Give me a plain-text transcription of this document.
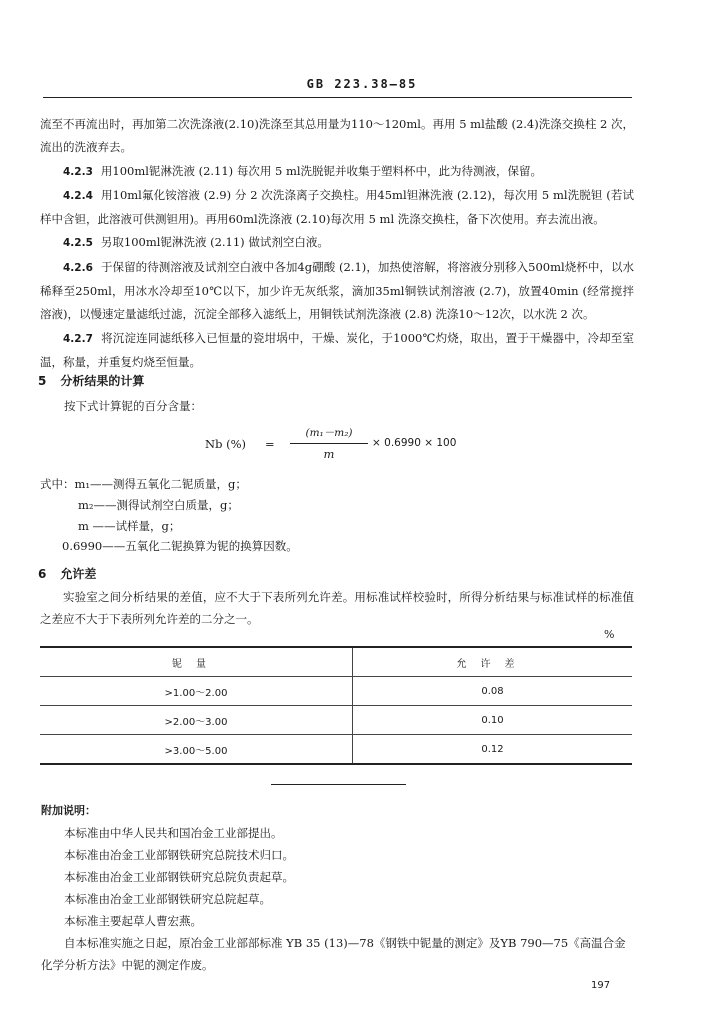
GB 223.38—85

流至不再流出时，再加第二次洗涤液(2.10)洗涤至其总用量为110～120ml。再用 5 ml盐酸 (2.4)洗涤交换柱 2 次，流出的洗液弃去。

4.2.3 用100ml铌淋洗液 (2.11) 每次用 5 ml洗脱铌并收集于塑料杯中，此为待测液，保留。

4.2.4 用10ml氟化铵溶液 (2.9) 分 2 次洗涤离子交换柱。用45ml钽淋洗液 (2.12)，每次用 5 ml洗脱钽 (若试样中含钽，此溶液可供测钽用)。再用60ml洗涤液 (2.10)每次用 5 ml 洗涤交换柱，备下次使用。弃去流出液。

4.2.5 另取100ml铌淋洗液 (2.11) 做试剂空白液。

4.2.6 于保留的待测溶液及试剂空白液中各加4g硼酸 (2.1)，加热使溶解，将溶液分别移入500ml烧杯中，以水稀释至250ml，用冰水冷却至10℃以下，加少许无灰纸浆，滴加35ml铜铁试剂溶液 (2.7)，放置40min (经常搅拌溶液)，以慢速定量滤纸过滤，沉淀全部移入滤纸上，用铜铁试剂洗涤液 (2.8) 洗涤10～12次，以水洗 2 次。

4.2.7 将沉淀连同滤纸移入已恒量的瓷坩埚中，干燥、炭化，于1000℃灼烧，取出，置于干燥器中，冷却至室温，称量，并重复灼烧至恒量。

5 分析结果的计算
按下式计算铌的百分含量：
Nb (%) =
(m₁－m₂)
m
× 0.6990 × 100
式中：m₁——测得五氧化二铌质量，g；
m₂——测得试剂空白质量，g；
m ——试样量，g；
0.6990——五氧化二铌换算为铌的换算因数。
6 允许差

实验室之间分析结果的差值，应不大于下表所列允许差。用标准试样校验时，所得分析结果与标准试样的标准值之差应不大于下表所列允许差的二分之一。

%
铌量	允许差
>1.00～2.00	0.08
>2.00～3.00	0.10
>3.00～5.00	0.12

附加说明：

本标准由中华人民共和国冶金工业部提出。

本标准由冶金工业部钢铁研究总院技术归口。

本标准由冶金工业部钢铁研究总院负责起草。

本标准由冶金工业部钢铁研究总院起草。

本标准主要起草人曹宏燕。

自本标准实施之日起，原冶金工业部部标准 YB 35 (13)—78《钢铁中铌量的测定》及YB 790—75《高温合金化学分析方法》中铌的测定作废。

197
